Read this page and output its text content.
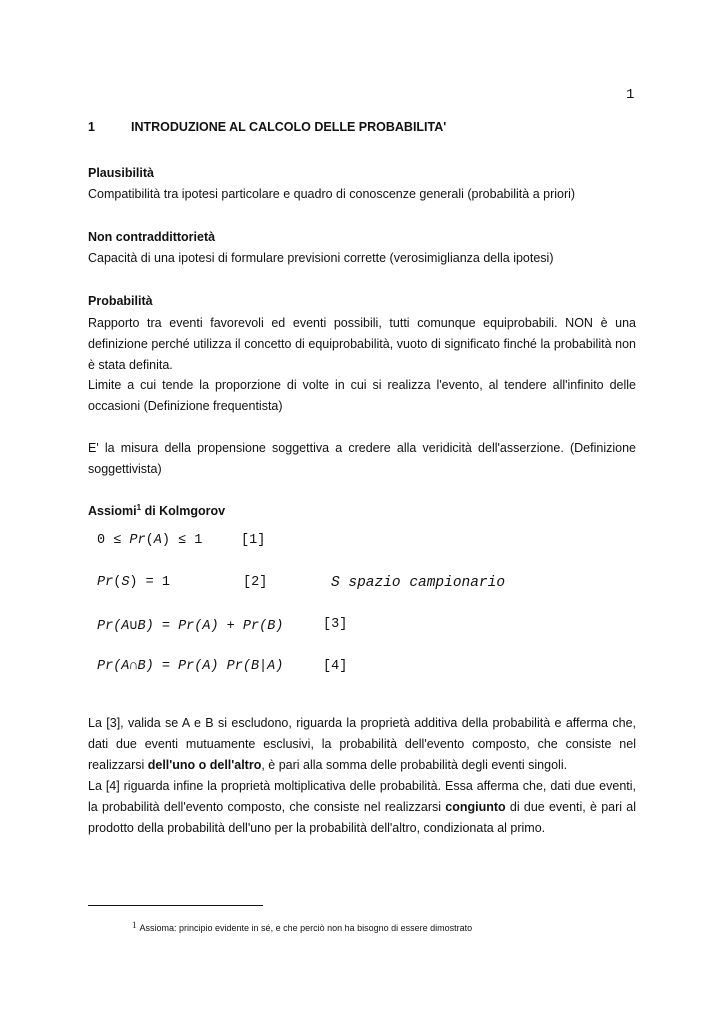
1
1	INTRODUZIONE AL CALCOLO DELLE PROBABILITA'
Plausibilità
Compatibilità tra ipotesi particolare e quadro di conoscenze generali (probabilità a priori)
Non contraddittorietà
Capacità di una ipotesi di formulare previsioni corrette (verosimiglianza della ipotesi)
Probabilità
Rapporto tra eventi favorevoli ed eventi possibili, tutti comunque equiprobabili. NON è una definizione perché utilizza il concetto di equiprobabilità, vuoto di significato finché la probabilità non è stata definita.
Limite a cui tende la proporzione di volte in cui si realizza l'evento, al tendere all'infinito delle occasioni (Definizione frequentista)
E' la misura della propensione soggettiva a credere alla veridicità dell'asserzione. (Definizione soggettivista)
Assiomi$^1$ di Kolmgorov
0 ≤ Pr(A) ≤ 1	[1]
Pr(S) = 1	[2]	S spazio campionario
Pr(A∪B) = Pr(A) + Pr(B)	[3]
Pr(A∩B) = Pr(A) Pr(B|A)	[4]
La [3], valida se A e B si escludono, riguarda la proprietà additiva della probabilità e afferma che, dati due eventi mutuamente esclusivi, la probabilità dell'evento composto, che consiste nel realizzarsi dell'uno o dell'altro, è pari alla somma delle probabilità degli eventi singoli.
La [4] riguarda infine la proprietà moltiplicativa delle probabilità. Essa afferma che, dati due eventi, la probabilità dell'evento composto, che consiste nel realizzarsi congiunto di due eventi, è pari al prodotto della probabilità dell'uno per la probabilità dell'altro, condizionata al primo.
$^1$ Assioma: principio evidente in sé, e che perciò non ha bisogno di essere dimostrato
